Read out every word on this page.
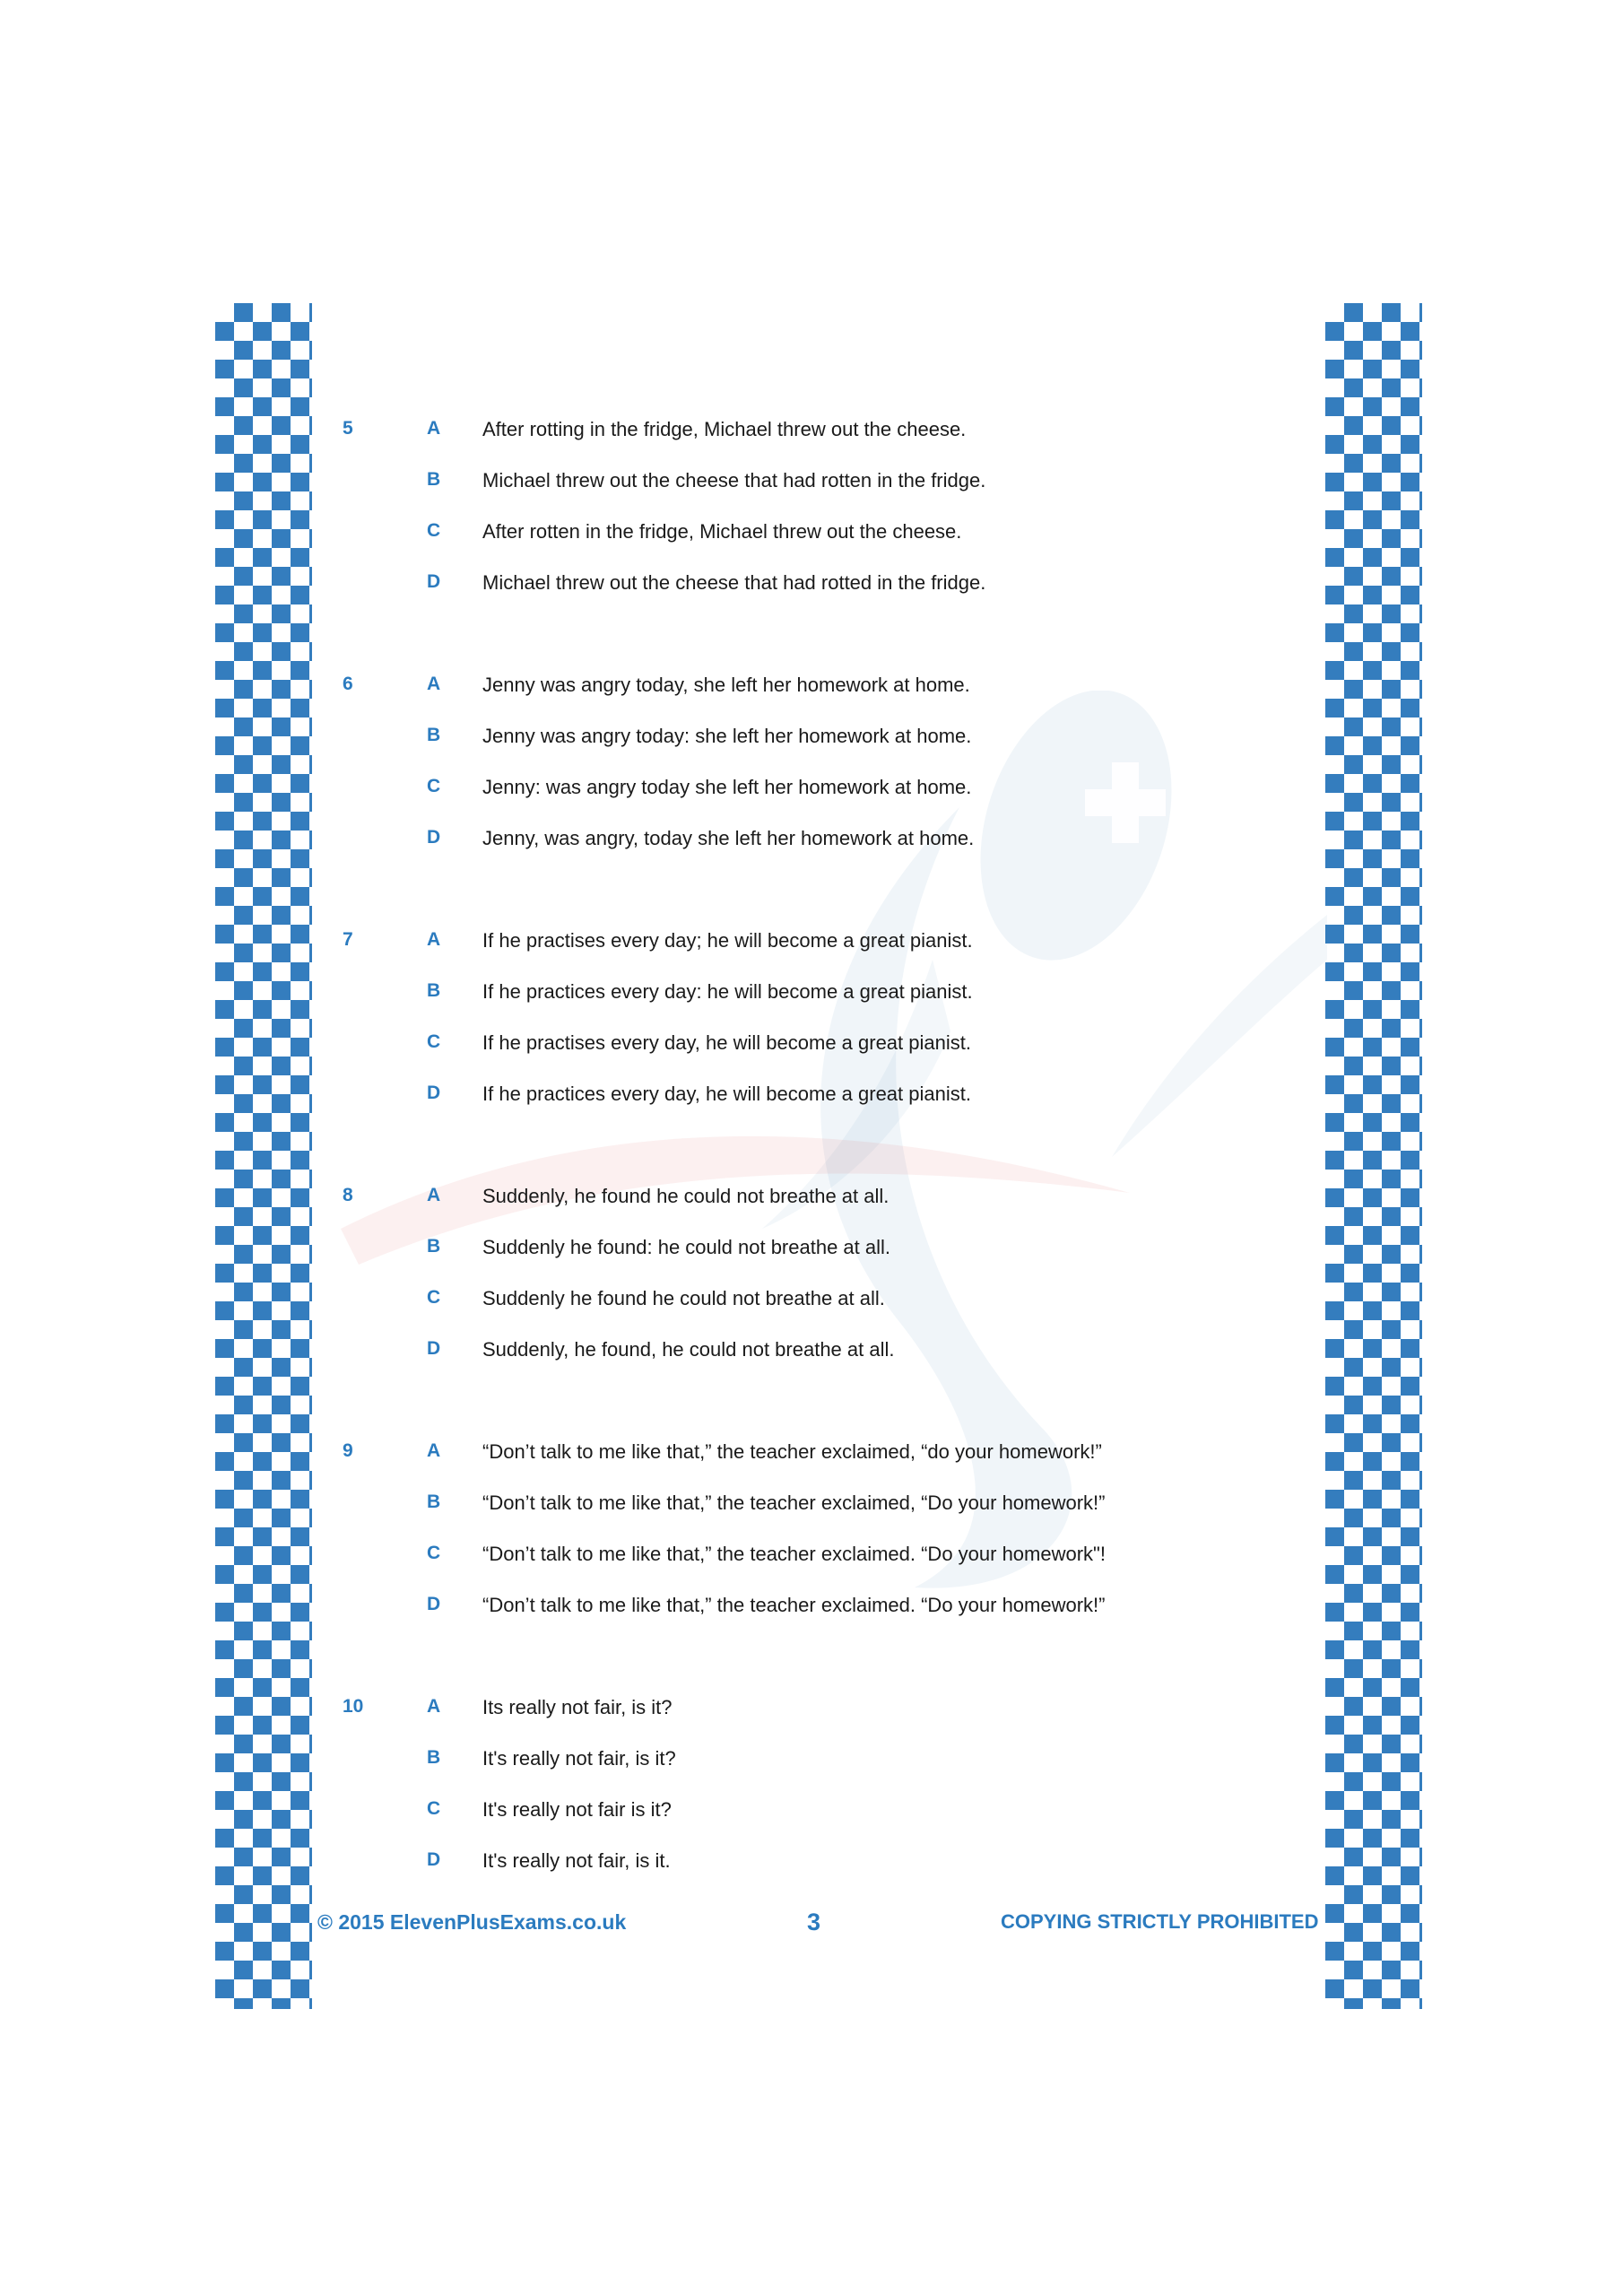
5	A After rotting in the fridge, Michael threw out the cheese.
B Michael threw out the cheese that had rotten in the fridge.
C After rotten in the fridge, Michael threw out the cheese.
D Michael threw out the cheese that had rotted in the fridge.
6	A Jenny was angry today, she left her homework at home.
B Jenny was angry today: she left her homework at home.
C Jenny: was angry today she left her homework at home.
D Jenny, was angry, today she left her homework at home.
7	A If he practises every day; he will become a great pianist.
B If he practices every day: he will become a great pianist.
C If he practises every day, he will become a great pianist.
D If he practices every day, he will become a great pianist.
8	A Suddenly, he found he could not breathe at all.
B Suddenly he found: he could not breathe at all.
C Suddenly he found he could not breathe at all.
D Suddenly, he found, he could not breathe at all.
9	A “Don’t talk to me like that,” the teacher exclaimed, “do your homework!”
B “Don’t talk to me like that,” the teacher exclaimed, “Do your homework!”
C “Don’t talk to me like that,” the teacher exclaimed. “Do your homework"!
D “Don’t talk to me like that,” the teacher exclaimed. “Do your homework!”
10	A Its really not fair, is it?
B It's really not fair, is it?
C It's really not fair is it?
D It's really not fair, is it.
© 2015 ElevenPlusExams.co.uk	3	COPYING STRICTLY PROHIBITED
